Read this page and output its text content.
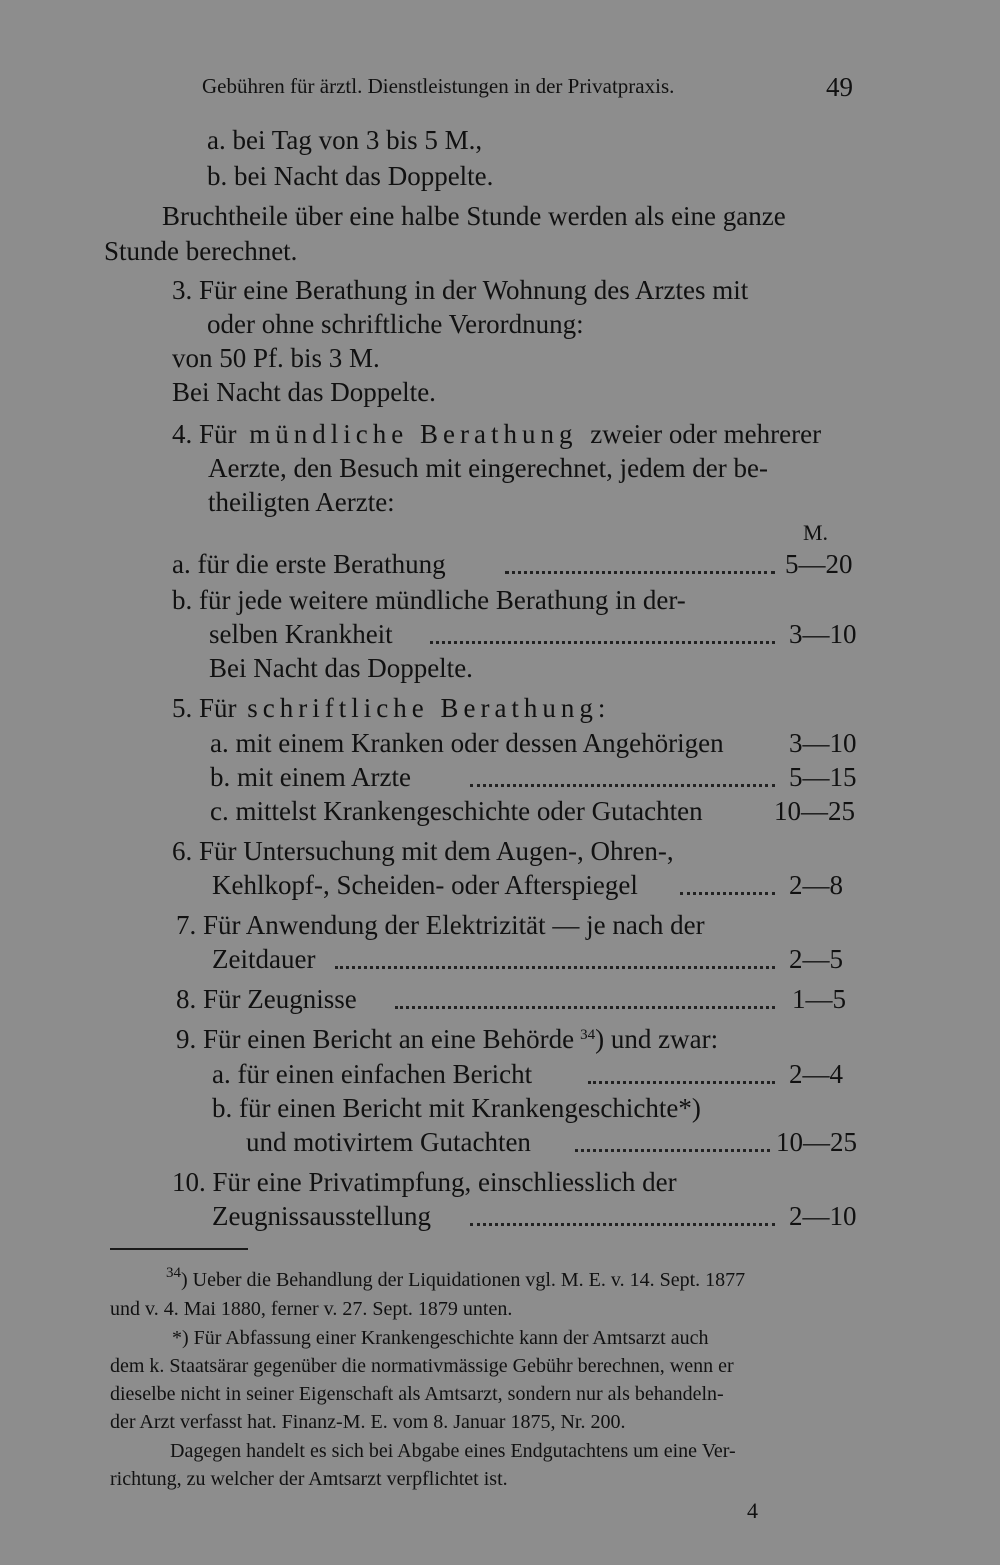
Gebühren für ärztl. Dienstleistungen in der Privatpraxis.	49
a. bei Tag von 3 bis 5 M.,
b. bei Nacht das Doppelte.
Bruchtheile über eine halbe Stunde werden als eine ganze
Stunde berechnet.
3. Für eine Berathung in der Wohnung des Arztes mit
oder ohne schriftliche Verordnung:
von 50 Pf. bis 3 M.
Bei Nacht das Doppelte.
4. Für mündliche Berathung zweier oder mehrerer
Aerzte, den Besuch mit eingerechnet, jedem der be-
theiligten Aerzte:
M.
a. für die erste Berathung	5—20
b. für jede weitere mündliche Berathung in der-
selben Krankheit	3—10
Bei Nacht das Doppelte.
5. Für schriftliche Berathung:
a. mit einem Kranken oder dessen Angehörigen 3—10
b. mit einem Arzte	5—15
c. mittelst Krankengeschichte oder Gutachten	10—25
6. Für Untersuchung mit dem Augen-, Ohren-,
Kehlkopf-, Scheiden- oder Afterspiegel	2—8
7. Für Anwendung der Elektrizität — je nach der
Zeitdauer	2—5
8. Für Zeugnisse	1—5
9. Für einen Bericht an eine Behörde $^{34}$) und zwar:
a. für einen einfachen Bericht	2—4
b. für einen Bericht mit Krankengeschichte*)
und motivirtem Gutachten	10—25
10. Für eine Privatimpfung, einschliesslich der
Zeugnissausstellung	2—10
$^{34}$) Ueber die Behandlung der Liquidationen vgl. M. E. v. 14. Sept. 1877
und v. 4. Mai 1880, ferner v. 27. Sept. 1879 unten.
*) Für Abfassung einer Krankengeschichte kann der Amtsarzt auch
dem k. Staatsärar gegenüber die normativmässige Gebühr berechnen, wenn er
dieselbe nicht in seiner Eigenschaft als Amtsarzt, sondern nur als behandeln-
der Arzt verfasst hat. Finanz-M. E. vom 8. Januar 1875, Nr. 200.
Dagegen handelt es sich bei Abgabe eines Endgutachtens um eine Ver-
richtung, zu welcher der Amtsarzt verpflichtet ist.
4
